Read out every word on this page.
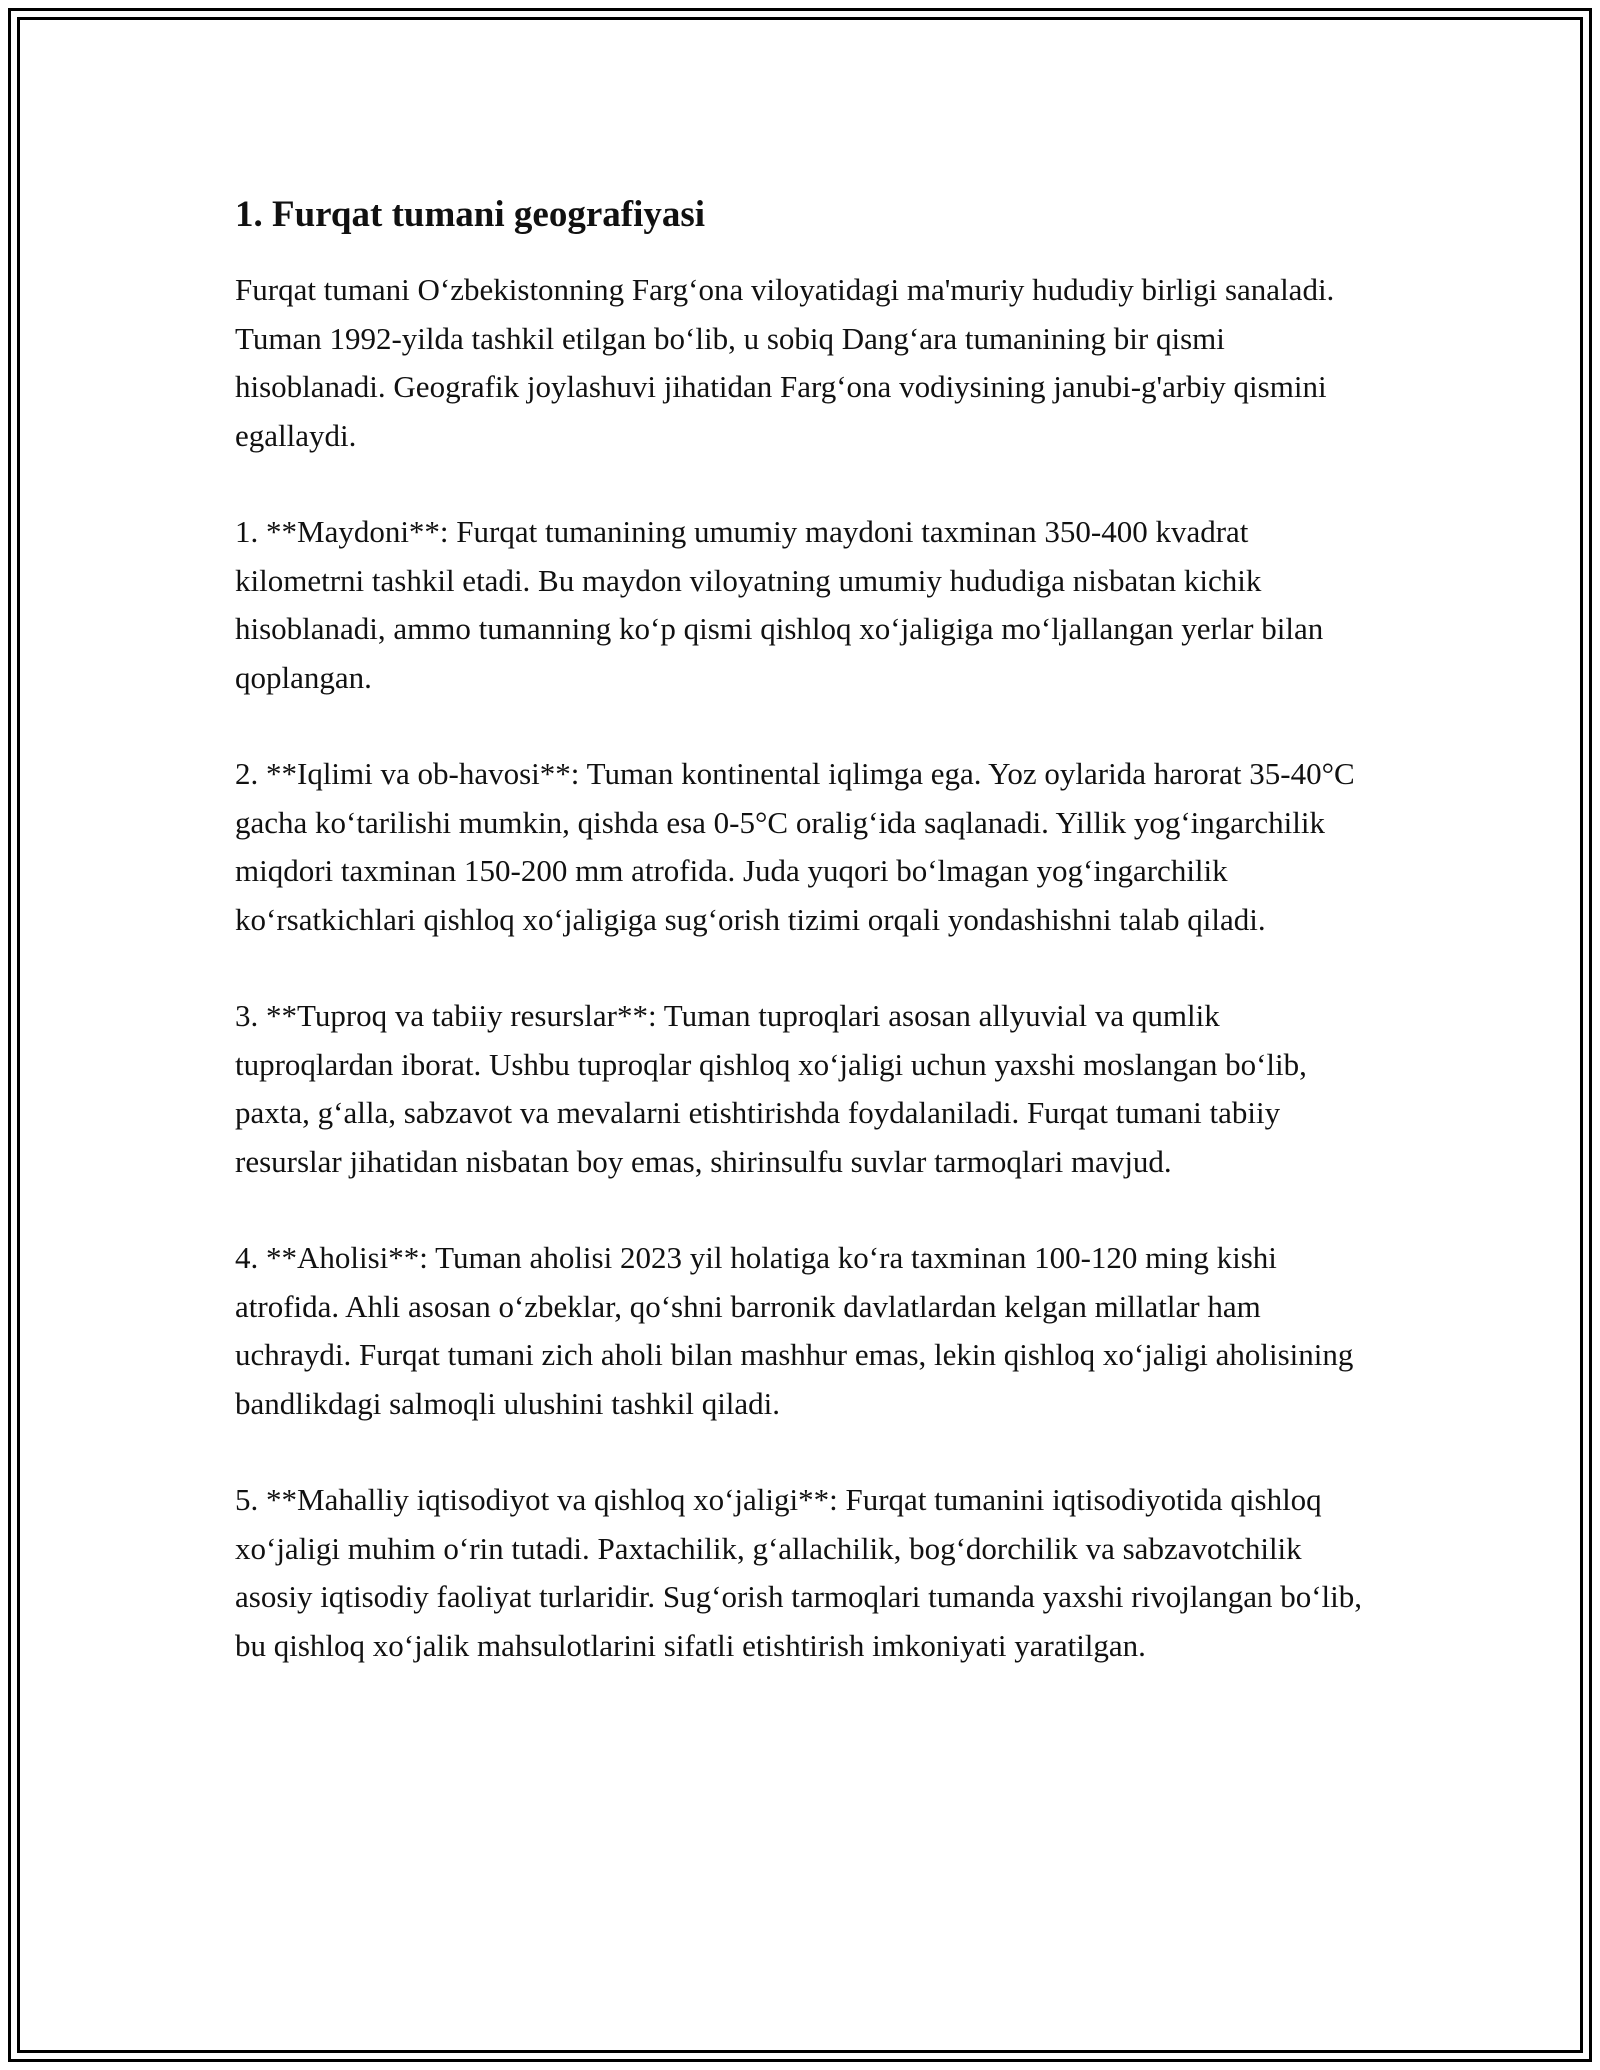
1. Furqat tumani geografiyasi

Furqat tumani O‘zbekistonning Farg‘ona viloyatidagi ma'muriy hududiy birligi sanaladi. Tuman 1992-yilda tashkil etilgan bo‘lib, u sobiq Dang‘ara tumanining bir qismi hisoblanadi. Geografik joylashuvi jihatidan Farg‘ona vodiysining janubi-g'arbiy qismini egallaydi.

1. **Maydoni**: Furqat tumanining umumiy maydoni taxminan 350-400 kvadrat kilometrni tashkil etadi. Bu maydon viloyatning umumiy hududiga nisbatan kichik hisoblanadi, ammo tumanning ko‘p qismi qishloq xo‘jaligiga mo‘ljallangan yerlar bilan qoplangan.

2. **Iqlimi va ob-havosi**: Tuman kontinental iqlimga ega. Yoz oylarida harorat 35-40°C gacha ko‘tarilishi mumkin, qishda esa 0-5°C oralig‘ida saqlanadi. Yillik yog‘ingarchilik miqdori taxminan 150-200 mm atrofida. Juda yuqori bo‘lmagan yog‘ingarchilik ko‘rsatkichlari qishloq xo‘jaligiga sug‘orish tizimi orqali yondashishni talab qiladi.

3. **Tuproq va tabiiy resurslar**: Tuman tuproqlari asosan allyuvial va qumlik tuproqlardan iborat. Ushbu tuproqlar qishloq xo‘jaligi uchun yaxshi moslangan bo‘lib, paxta, g‘alla, sabzavot va mevalarni etishtirishda foydalaniladi. Furqat tumani tabiiy resurslar jihatidan nisbatan boy emas, shirinsulfu suvlar tarmoqlari mavjud.

4. **Aholisi**: Tuman aholisi 2023 yil holatiga ko‘ra taxminan 100-120 ming kishi atrofida. Ahli asosan o‘zbeklar, qo‘shni barronik davlatlardan kelgan millatlar ham uchraydi. Furqat tumani zich aholi bilan mashhur emas, lekin qishloq xo‘jaligi aholisining bandlikdagi salmoqli ulushini tashkil qiladi.

5. **Mahalliy iqtisodiyot va qishloq xo‘jaligi**: Furqat tumanini iqtisodiyotida qishloq xo‘jaligi muhim o‘rin tutadi. Paxtachilik, g‘allachilik, bog‘dorchilik va sabzavotchilik asosiy iqtisodiy faoliyat turlaridir. Sug‘orish tarmoqlari tumanda yaxshi rivojlangan bo‘lib, bu qishloq xo‘jalik mahsulotlarini sifatli etishtirish imkoniyati yaratilgan.
